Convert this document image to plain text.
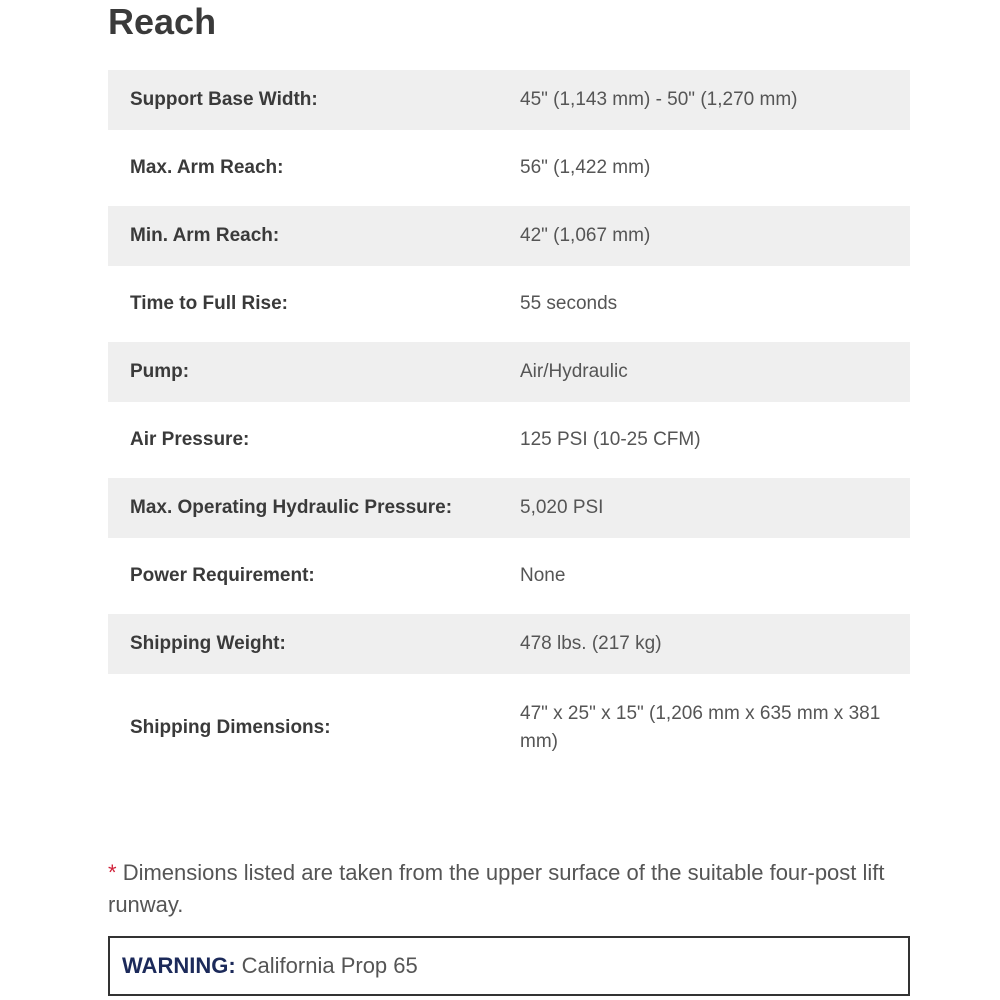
Reach
Support Base Width:	45" (1,143 mm) - 50" (1,270 mm)
Max. Arm Reach:	56" (1,422 mm)
Min. Arm Reach:	42" (1,067 mm)
Time to Full Rise:	55 seconds
Pump:	Air/Hydraulic
Air Pressure:	125 PSI (10-25 CFM)
Max. Operating Hydraulic Pressure:	5,020 PSI
Power Requirement:	None
Shipping Weight:	478 lbs. (217 kg)
Shipping Dimensions:
47" x 25" x 15" (1,206 mm x 635 mm x 381 mm)
* Dimensions listed are taken from the upper surface of the suitable four-post lift runway.
WARNING: California Prop 65
